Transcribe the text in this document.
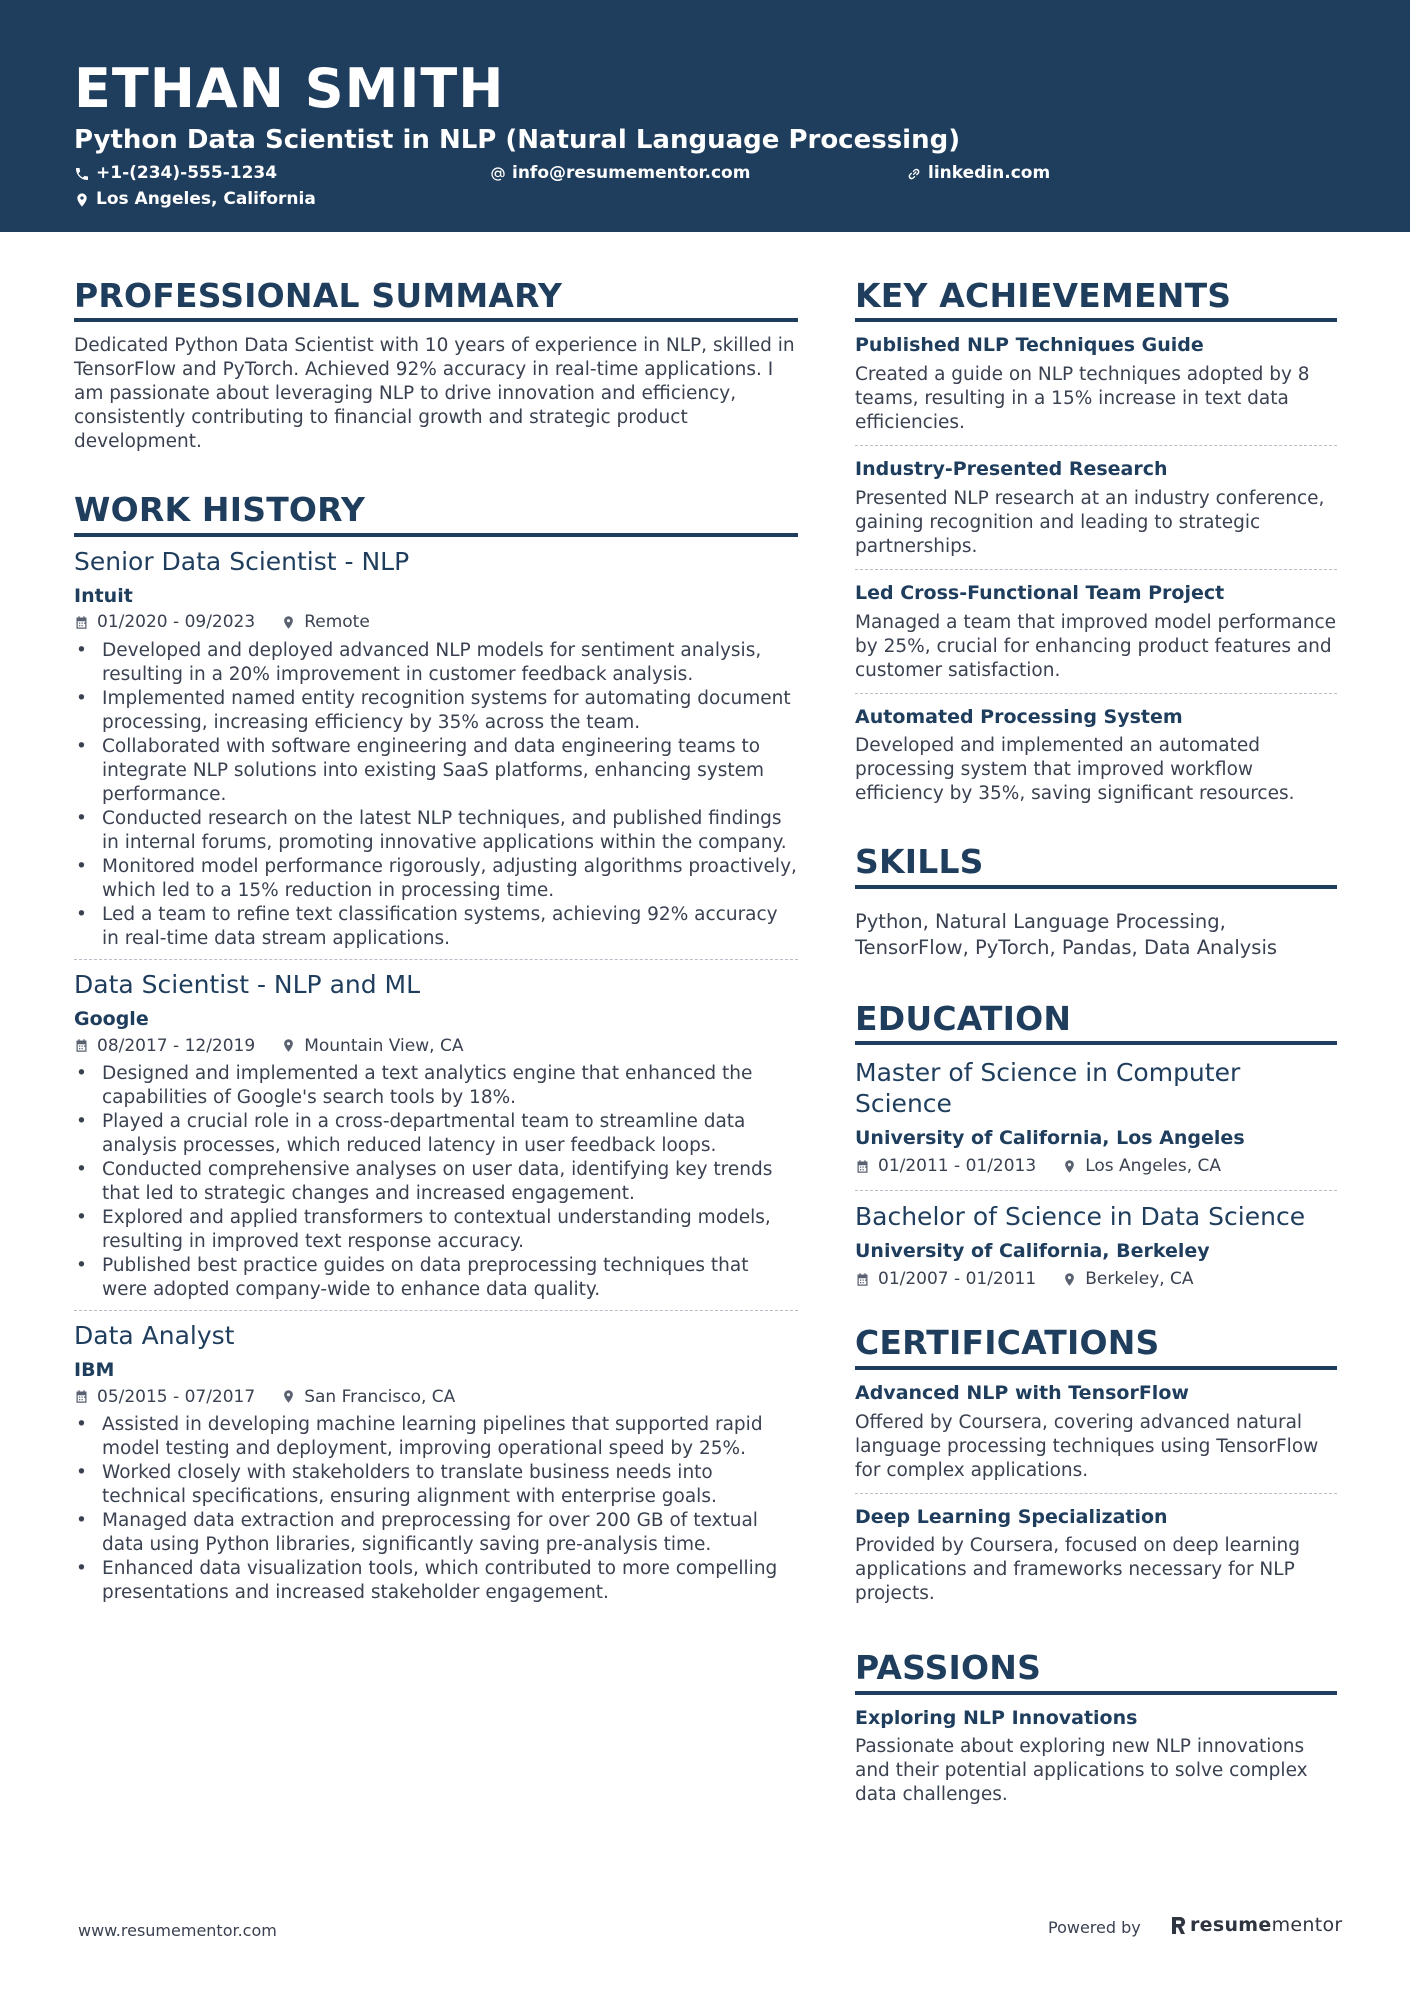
ETHAN SMITH
Python Data Scientist in NLP (Natural Language Processing)
+1-(234)-555-1234	info@resumementor.com	linkedin.com
Los Angeles, California
PROFESSIONAL SUMMARY
Dedicated Python Data Scientist with 10 years of experience in NLP, skilled in TensorFlow and PyTorch. Achieved 92% accuracy in real-time applications. I am passionate about leveraging NLP to drive innovation and efficiency, consistently contributing to financial growth and strategic product development.
WORK HISTORY
Senior Data Scientist - NLP
Intuit
01/2020 - 09/2023	Remote
• Developed and deployed advanced NLP models for sentiment analysis, resulting in a 20% improvement in customer feedback analysis.
• Implemented named entity recognition systems for automating document processing, increasing efficiency by 35% across the team.
• Collaborated with software engineering and data engineering teams to integrate NLP solutions into existing SaaS platforms, enhancing system performance.
• Conducted research on the latest NLP techniques, and published findings in internal forums, promoting innovative applications within the company.
• Monitored model performance rigorously, adjusting algorithms proactively, which led to a 15% reduction in processing time.
• Led a team to refine text classification systems, achieving 92% accuracy in real-time data stream applications.
Data Scientist - NLP and ML
Google
08/2017 - 12/2019	Mountain View, CA
• Designed and implemented a text analytics engine that enhanced the capabilities of Google's search tools by 18%.
• Played a crucial role in a cross-departmental team to streamline data analysis processes, which reduced latency in user feedback loops.
• Conducted comprehensive analyses on user data, identifying key trends that led to strategic changes and increased engagement.
• Explored and applied transformers to contextual understanding models, resulting in improved text response accuracy.
• Published best practice guides on data preprocessing techniques that were adopted company-wide to enhance data quality.
Data Analyst
IBM
05/2015 - 07/2017	San Francisco, CA
• Assisted in developing machine learning pipelines that supported rapid model testing and deployment, improving operational speed by 25%.
• Worked closely with stakeholders to translate business needs into technical specifications, ensuring alignment with enterprise goals.
• Managed data extraction and preprocessing for over 200 GB of textual data using Python libraries, significantly saving pre-analysis time.
• Enhanced data visualization tools, which contributed to more compelling presentations and increased stakeholder engagement.
KEY ACHIEVEMENTS
Published NLP Techniques Guide
Created a guide on NLP techniques adopted by 8 teams, resulting in a 15% increase in text data efficiencies.
Industry-Presented Research
Presented NLP research at an industry conference, gaining recognition and leading to strategic partnerships.
Led Cross-Functional Team Project
Managed a team that improved model performance by 25%, crucial for enhancing product features and customer satisfaction.
Automated Processing System
Developed and implemented an automated processing system that improved workflow efficiency by 35%, saving significant resources.
SKILLS
Python, Natural Language Processing, TensorFlow, PyTorch, Pandas, Data Analysis
EDUCATION
Master of Science in Computer Science
University of California, Los Angeles
01/2011 - 01/2013	Los Angeles, CA
Bachelor of Science in Data Science
University of California, Berkeley
01/2007 - 01/2011	Berkeley, CA
CERTIFICATIONS
Advanced NLP with TensorFlow
Offered by Coursera, covering advanced natural language processing techniques using TensorFlow for complex applications.
Deep Learning Specialization
Provided by Coursera, focused on deep learning applications and frameworks necessary for NLP projects.
PASSIONS
Exploring NLP Innovations
Passionate about exploring new NLP innovations and their potential applications to solve complex data challenges.
www.resumementor.com	Powered by	resumementor
